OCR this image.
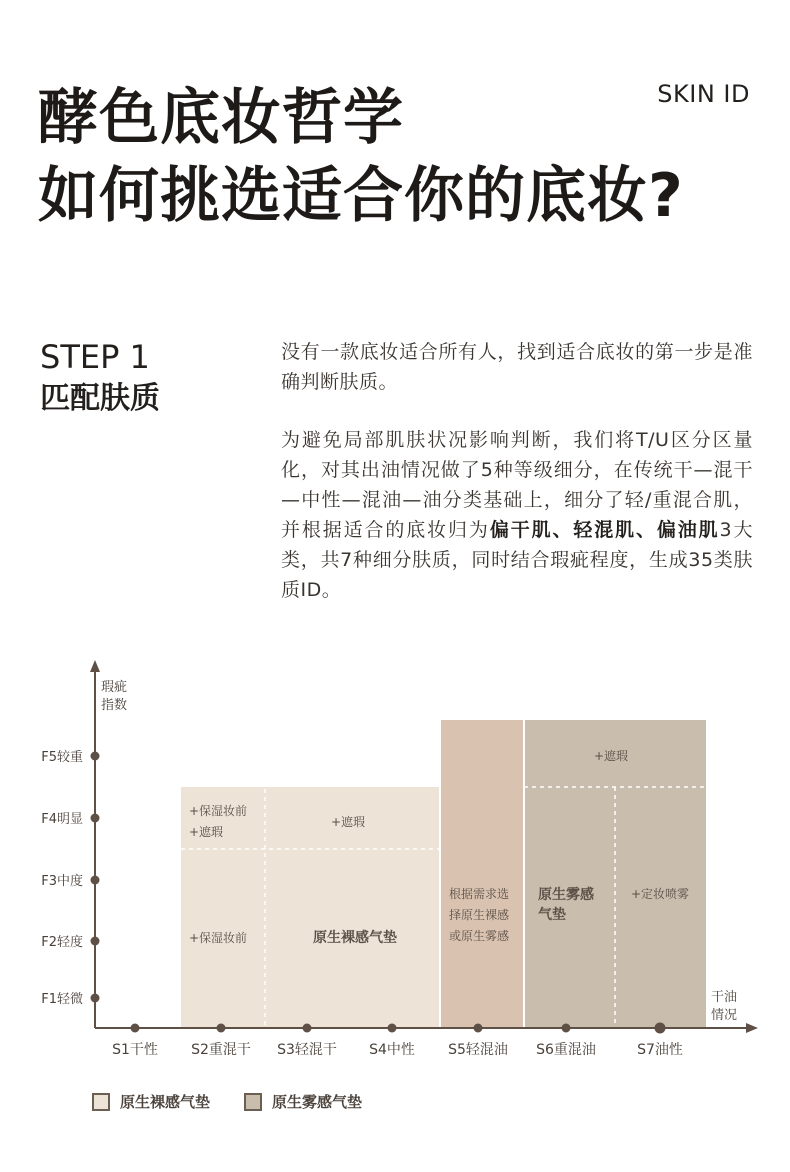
SKIN ID
酵色底妆哲学
如何挑选适合你的底妆?
STEP 1
匹配肤质

没有一款底妆适合所有人，找到适合底妆的第一步是准确判断肤质。

为避免局部肌肤状况影响判断，我们将T/U区分区量化，对其出油情况做了5种等级细分，在传统干—混干—中性—混油—油分类基础上，细分了轻/重混合肌，并根据适合的底妆归为偏干肌、轻混肌、偏油肌3大类，共7种细分肤质，同时结合瑕疵程度，生成35类肤质ID。

F1轻微
F2轻度
F3中度
F4明显
F5较重
S1干性 S2重混干 S3轻混干 S4中性 S5轻混油 S6重混油	S7油性
瑕疵
指数
干油
情况
+保湿妆前
+保湿妆前
+遮瑕
+遮瑕
原生裸感气垫
根据需求选
择原生裸感
或原生雾感
原生雾感
气垫
+定妆喷雾
+遮瑕
原生裸感气垫	原生雾感气垫
